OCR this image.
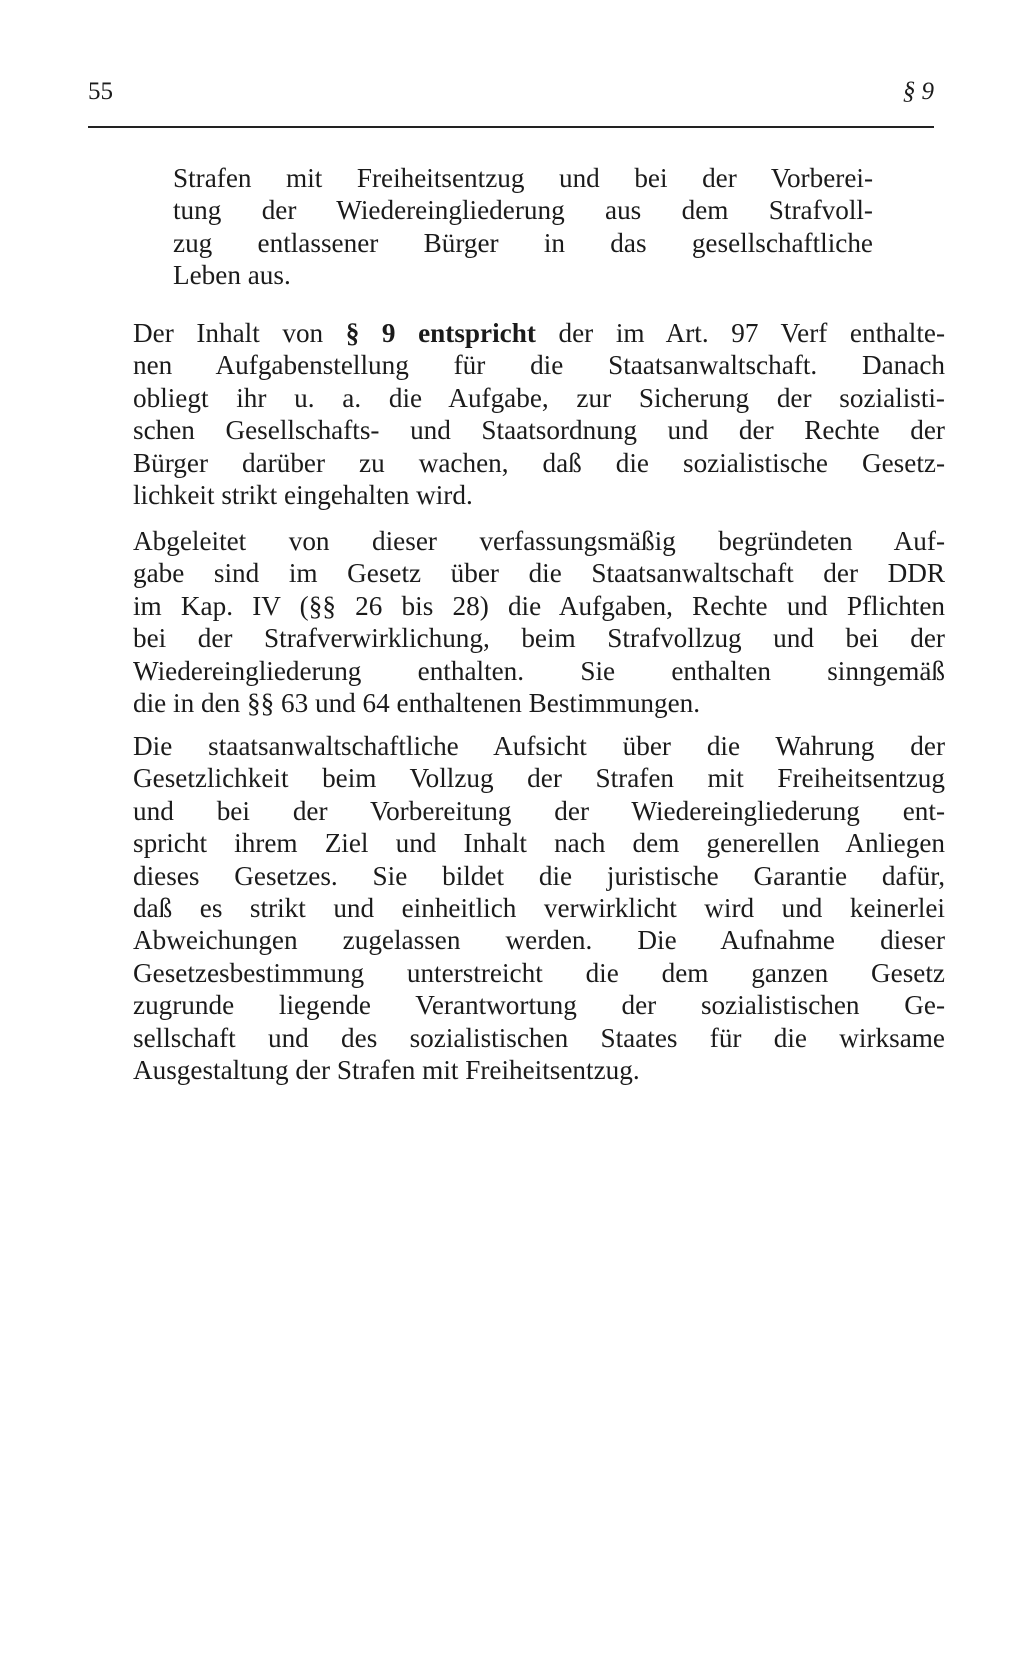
55	§ 9
Strafen mit Freiheitsentzug und bei der Vorberei-
tung der Wiedereingliederung aus dem Strafvoll-
zug entlassener Bürger in das gesellschaftliche
Leben aus.
Der Inhalt von § 9 entspricht der im Art. 97 Verf enthalte-
nen Aufgabenstellung für die Staatsanwaltschaft. Danach
obliegt ihr u. a. die Aufgabe, zur Sicherung der sozialisti-
schen Gesellschafts- und Staatsordnung und der Rechte der
Bürger darüber zu wachen, daß die sozialistische Gesetz-
lichkeit strikt eingehalten wird.
Abgeleitet von dieser verfassungsmäßig begründeten Auf-
gabe sind im Gesetz über die Staatsanwaltschaft der DDR
im Kap. IV (§§ 26 bis 28) die Aufgaben, Rechte und Pflichten
bei der Strafverwirklichung, beim Strafvollzug und bei der
Wiedereingliederung enthalten. Sie enthalten sinngemäß
die in den §§ 63 und 64 enthaltenen Bestimmungen.
Die staatsanwaltschaftliche Aufsicht über die Wahrung der
Gesetzlichkeit beim Vollzug der Strafen mit Freiheitsentzug
und bei der Vorbereitung der Wiedereingliederung ent-
spricht ihrem Ziel und Inhalt nach dem generellen Anliegen
dieses Gesetzes. Sie bildet die juristische Garantie dafür,
daß es strikt und einheitlich verwirklicht wird und keinerlei
Abweichungen zugelassen werden. Die Aufnahme dieser
Gesetzesbestimmung unterstreicht die dem ganzen Gesetz
zugrunde liegende Verantwortung der sozialistischen Ge-
sellschaft und des sozialistischen Staates für die wirksame
Ausgestaltung der Strafen mit Freiheitsentzug.
